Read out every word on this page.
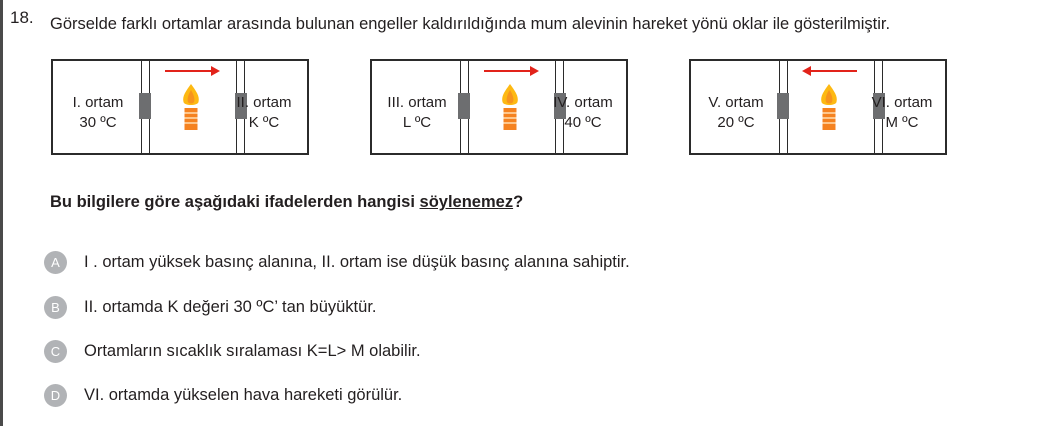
18. Görselde farklı ortamlar arasında bulunan engeller kaldırıldığında mum alevinin hareket yönü oklar ile gösterilmiştir.
I. ortam
30 ºC
II. ortam
K ºC
III. ortam
L ºC
IV. ortam
40 ºC
V. ortam
20 ºC
VI. ortam
M ºC
Bu bilgilere göre aşağıdaki ifadelerden hangisi söylenemez?
A	I . ortam yüksek basınç alanına, II. ortam ise düşük basınç alanına sahiptir.
B	II. ortamda K değeri 30 ºC’ tan büyüktür.
C	Ortamların sıcaklık sıralaması K=L> M olabilir.
D	VI. ortamda yükselen hava hareketi görülür.
